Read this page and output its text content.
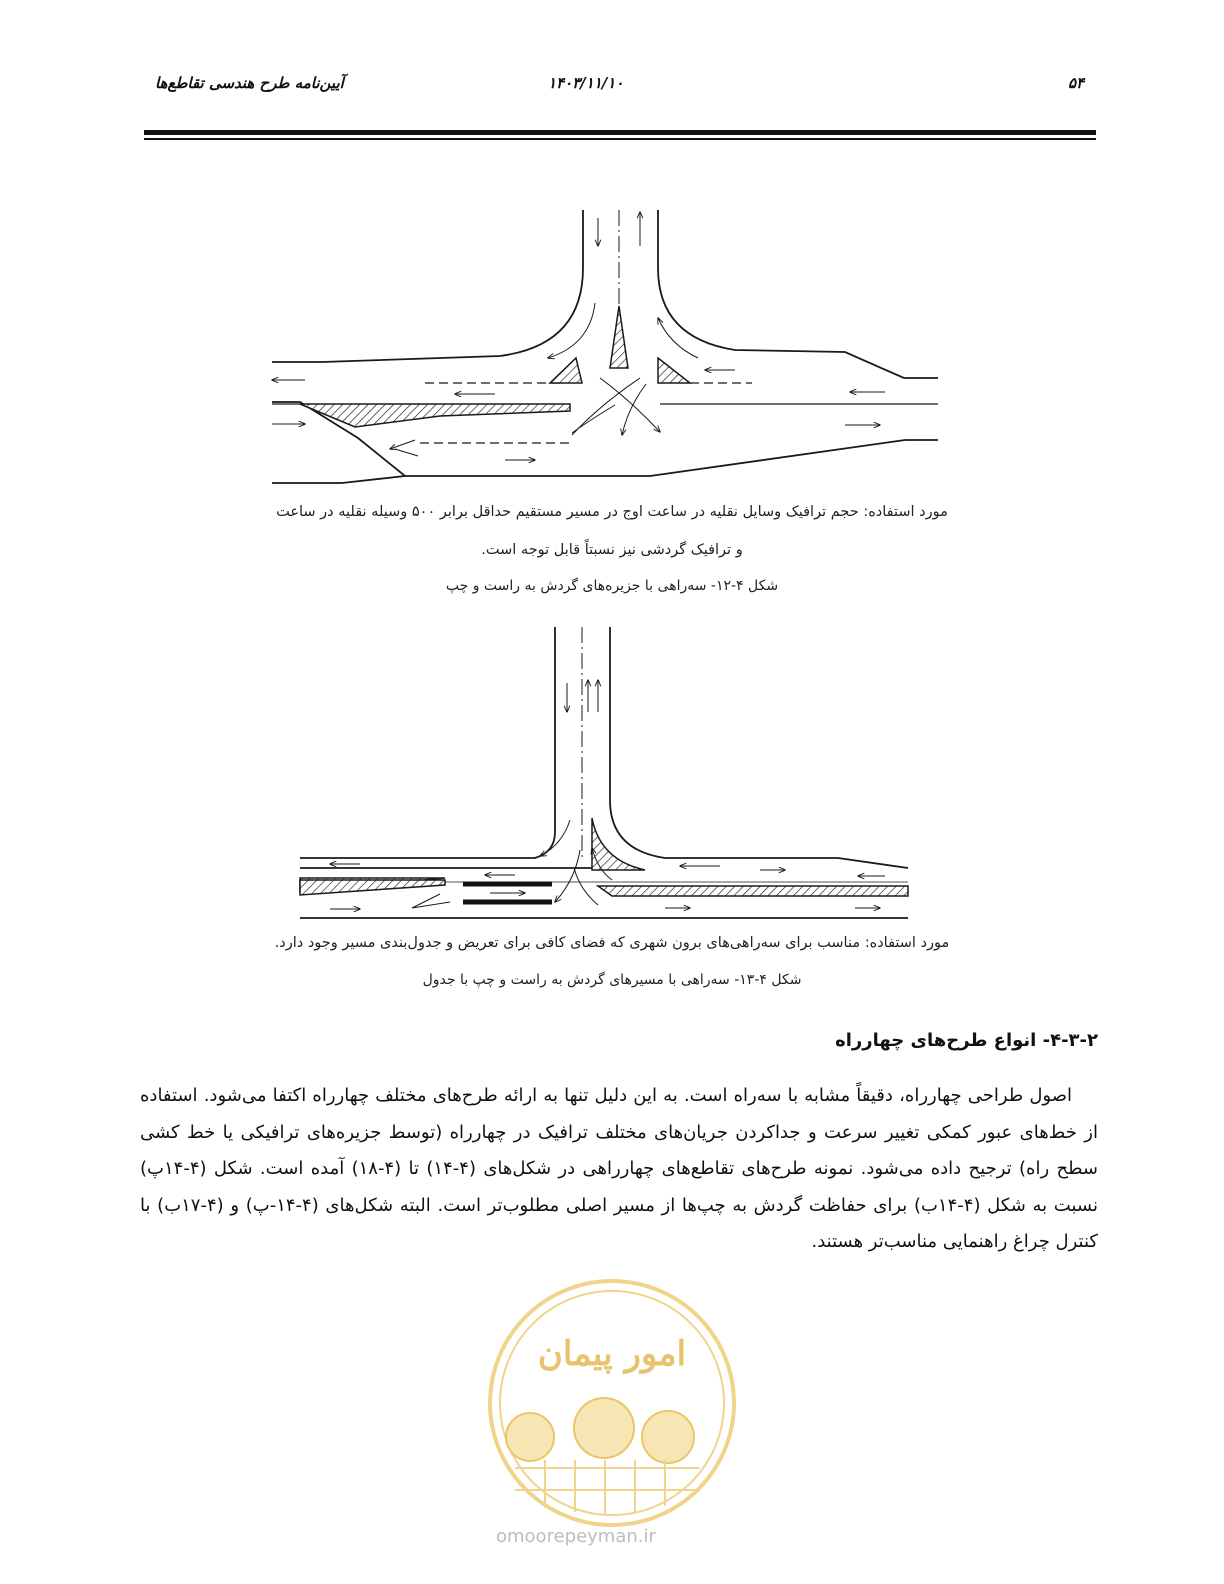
۵۴
۱۴۰۳/۱۱/۱۰
آیین‌نامه طرح هندسی تقاطع‌ها
مورد استفاده: حجم ترافیک وسایل نقلیه در ساعت اوج در مسیر مستقیم حداقل برابر ۵۰۰ وسیله نقلیه در ساعت
و ترافیک گردشی نیز نسبتاً قابل توجه است.
شکل ۴-۱۲- سه‌راهی با جزیره‌های گردش به راست و چپ
مورد استفاده: مناسب برای سه‌راهی‌های برون شهری که فضای کافی برای تعریض و جدول‌بندی مسیر وجود دارد.
شکل ۴-۱۳- سه‌راهی با مسیرهای گردش به راست و چپ با جدول
۴-۳-۲- انواع طرح‌های چهارراه

اصول طراحی چهارراه، دقیقاً مشابه با سه‌راه است. به این دلیل تنها به ارائه طرح‌های مختلف چهارراه اکتفا می‌شود. استفاده از خط‌های عبور کمکی تغییر سرعت و جداکردن جریان‌های مختلف ترافیک در چهارراه (توسط جزیره‌های ترافیکی یا خط کشی سطح راه) ترجیح داده می‌شود. نمونه طرح‌های تقاطع‌های چهارراهی در شکل‌های (۴-۱۴) تا (۴-۱۸) آمده است. شکل (۴-۱۴پ) نسبت به شکل (۴-۱۴ب) برای حفاظت گردش به چپ‌ها از مسیر اصلی مطلوب‌تر است. البته شکل‌های (۴-۱۴-پ) و (۴-۱۷ب) با کنترل چراغ راهنمایی مناسب‌تر هستند.

امور پیمان
omoorepeyman.ir
